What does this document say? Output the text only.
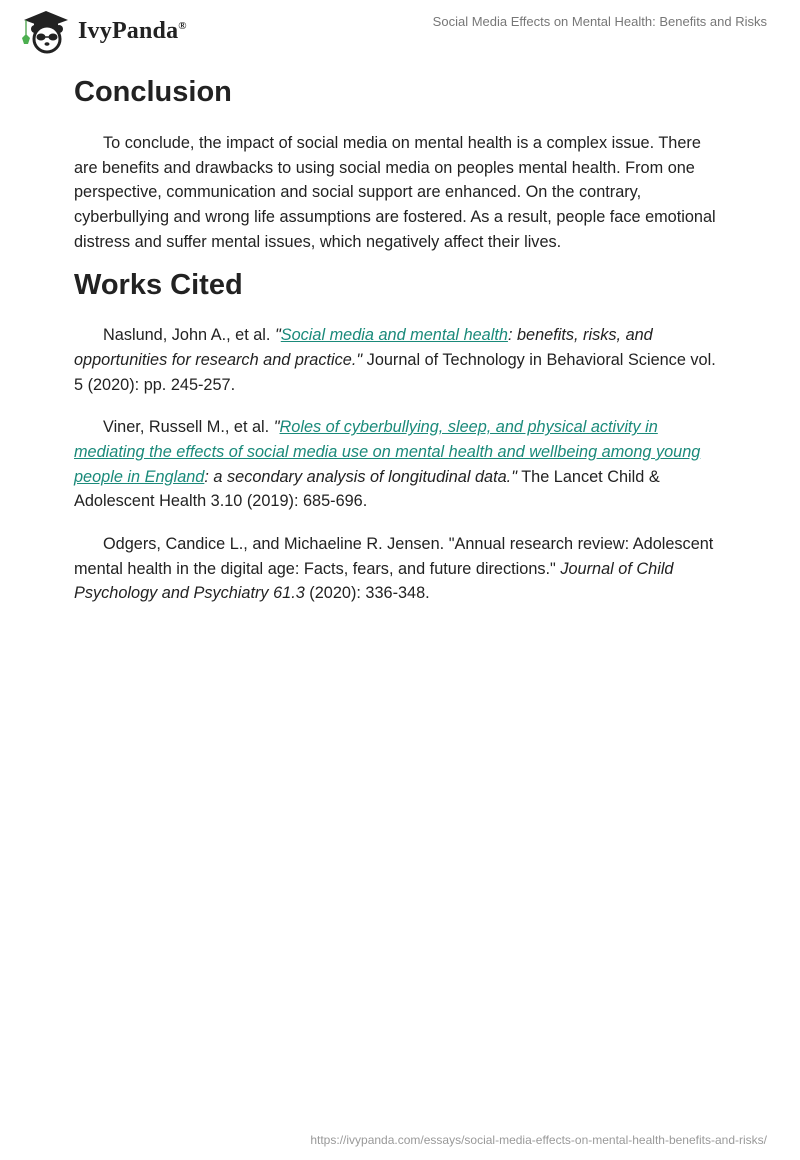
IvyPanda®	Social Media Effects on Mental Health: Benefits and Risks
Conclusion

To conclude, the impact of social media on mental health is a complex issue. There are benefits and drawbacks to using social media on peoples mental health. From one perspective, communication and social support are enhanced. On the contrary, cyberbullying and wrong life assumptions are fostered. As a result, people face emotional distress and suffer mental issues, which negatively affect their lives.

Works Cited

Naslund, John A., et al. "Social media and mental health: benefits, risks, and opportunities for research and practice." Journal of Technology in Behavioral Science vol. 5 (2020): pp. 245-257.

Viner, Russell M., et al. "Roles of cyberbullying, sleep, and physical activity in mediating the effects of social media use on mental health and wellbeing among young people in England: a secondary analysis of longitudinal data." The Lancet Child & Adolescent Health 3.10 (2019): 685-696.

Odgers, Candice L., and Michaeline R. Jensen. "Annual research review: Adolescent mental health in the digital age: Facts, fears, and future directions." Journal of Child Psychology and Psychiatry 61.3 (2020): 336-348.

https://ivypanda.com/essays/social-media-effects-on-mental-health-benefits-and-risks/
